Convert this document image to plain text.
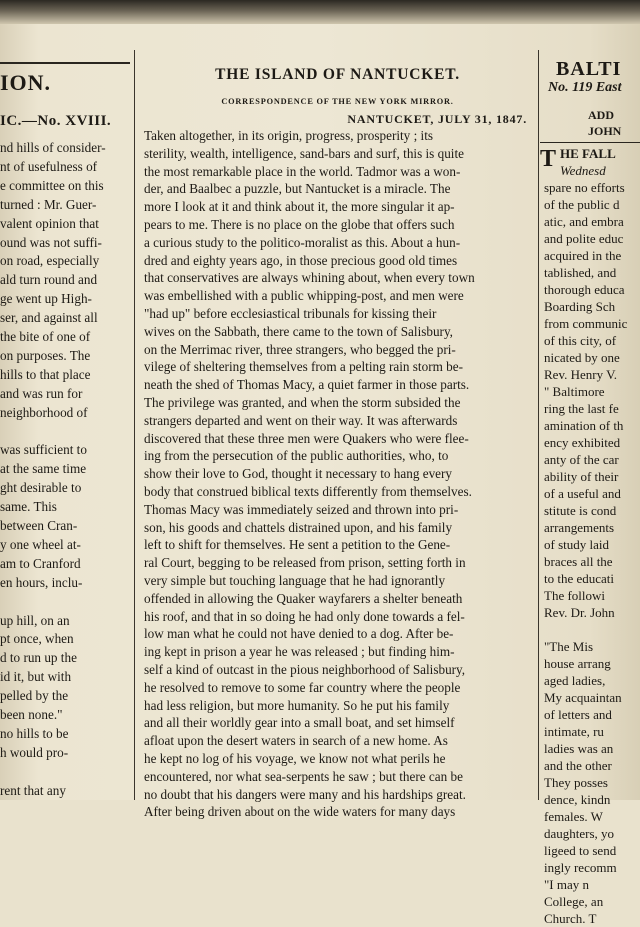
ION.
IC.—No. XVIII.
nd hills of consider-
nt of usefulness of
e committee on this
turned : Mr. Guer-
valent opinion that
ound was not suffi-
on road, especially
ald turn round and
ge went up High-
ser, and against all
the bite of one of
on purposes. The
hills to that place
and was run for
neighborhood of
was sufficient to
at the same time
ght desirable to
same. This
between Cran-
y one wheel at-
am to Cranford
en hours, inclu-
up hill, on an
pt once, when
d to run up the
id it, but with
pelled by the
been none."
no hills to be
h would pro-
rent that any
THE ISLAND OF NANTUCKET.
CORRESPONDENCE OF THE NEW YORK MIRROR.
NANTUCKET, JULY 31, 1847.
Taken altogether, in its origin, progress, prosperity ; its
sterility, wealth, intelligence, sand-bars and surf, this is quite
the most remarkable place in the world. Tadmor was a won-
der, and Baalbec a puzzle, but Nantucket is a miracle. The
more I look at it and think about it, the more singular it ap-
pears to me. There is no place on the globe that offers such
a curious study to the politico-moralist as this. About a hun-
dred and eighty years ago, in those precious good old times
that conservatives are always whining about, when every town
was embellished with a public whipping-post, and men were
"had up" before ecclesiastical tribunals for kissing their
wives on the Sabbath, there came to the town of Salisbury,
on the Merrimac river, three strangers, who begged the pri-
vilege of sheltering themselves from a pelting rain storm be-
neath the shed of Thomas Macy, a quiet farmer in those parts.
The privilege was granted, and when the storm subsided the
strangers departed and went on their way. It was afterwards
discovered that these three men were Quakers who were flee-
ing from the persecution of the public authorities, who, to
show their love to God, thought it necessary to hang every
body that construed biblical texts differently from themselves.
Thomas Macy was immediately seized and thrown into pri-
son, his goods and chattels distrained upon, and his family
left to shift for themselves. He sent a petition to the Gene-
ral Court, begging to be released from prison, setting forth in
very simple but touching language that he had ignorantly
offended in allowing the Quaker wayfarers a shelter beneath
his roof, and that in so doing he had only done towards a fel-
low man what he could not have denied to a dog. After be-
ing kept in prison a year he was released ; but finding him-
self a kind of outcast in the pious neighborhood of Salisbury,
he resolved to remove to some far country where the people
had less religion, but more humanity. So he put his family
and all their worldly gear into a small boat, and set himself
afloat upon the desert waters in search of a new home. As
he kept no log of his voyage, we know not what perils he
encountered, nor what sea-serpents he saw ; but there can be
no doubt that his dangers were many and his hardships great.
After being driven about on the wide waters for many days
BALTI
No. 119 East
ADD
JOHN
T HE FALL
Wednesd
spare no efforts
of the public d
atic, and embra
and polite educ
acquired in the
tablished, and
thorough educa
Boarding Sch
from communic
of this city, of
nicated by one
Rev. Henry V.
" Baltimore
ring the last fe
amination of th
ency exhibited
anty of the car
ability of their
of a useful and
stitute is cond
arrangements
of study laid
braces all the
to the educati
The followi
Rev. Dr. John
"The Mis
house arrang
aged ladies,
My acquaintan
of letters and
intimate, ru
ladies was an
and the other
They posses
dence, kindn
females. W
daughters, yo
ligeed to send
ingly recomm
"I may n
College, an
Church. T
